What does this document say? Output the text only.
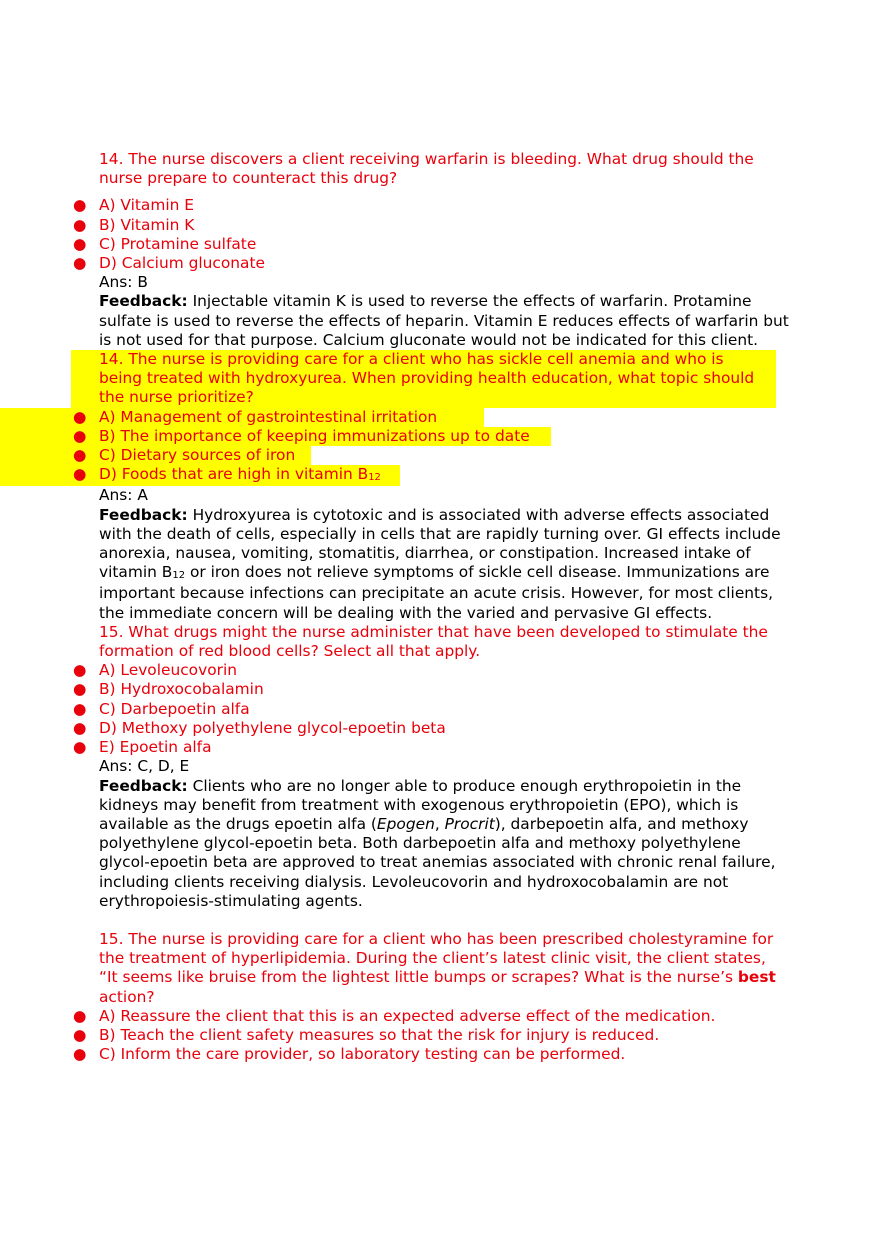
14. The nurse discovers a client receiving warfarin is bleeding. What drug should the nurse prepare to counteract this drug?

● A) Vitamin E

● B) Vitamin K

● C) Protamine sulfate

● D) Calcium gluconate

Ans: B

Feedback: Injectable vitamin K is used to reverse the effects of warfarin. Protamine sulfate is used to reverse the effects of heparin. Vitamin E reduces effects of warfarin but is not used for that purpose. Calcium gluconate would not be indicated for this client.

14. The nurse is providing care for a client who has sickle cell anemia and who is being treated with hydroxyurea. When providing health education, what topic should the nurse prioritize?

● A) Management of gastrointestinal irritation

● B) The importance of keeping immunizations up to date

● C) Dietary sources of iron

● D) Foods that are high in vitamin B12

Ans: A

Feedback: Hydroxyurea is cytotoxic and is associated with adverse effects associated with the death of cells, especially in cells that are rapidly turning over. GI effects include anorexia, nausea, vomiting, stomatitis, diarrhea, or constipation. Increased intake of vitamin B12 or iron does not relieve symptoms of sickle cell disease. Immunizations are important because infections can precipitate an acute crisis. However, for most clients, the immediate concern will be dealing with the varied and pervasive GI effects.

15. What drugs might the nurse administer that have been developed to stimulate the formation of red blood cells? Select all that apply.

● A) Levoleucovorin

● B) Hydroxocobalamin

● C) Darbepoetin alfa

● D) Methoxy polyethylene glycol-epoetin beta

● E) Epoetin alfa

Ans: C, D, E

Feedback: Clients who are no longer able to produce enough erythropoietin in the kidneys may benefit from treatment with exogenous erythropoietin (EPO), which is available as the drugs epoetin alfa (Epogen, Procrit), darbepoetin alfa, and methoxy polyethylene glycol-epoetin beta. Both darbepoetin alfa and methoxy polyethylene glycol-epoetin beta are approved to treat anemias associated with chronic renal failure, including clients receiving dialysis. Levoleucovorin and hydroxocobalamin are not erythropoiesis-stimulating agents.

15. The nurse is providing care for a client who has been prescribed cholestyramine for the treatment of hyperlipidemia. During the client’s latest clinic visit, the client states, “It seems like bruise from the lightest little bumps or scrapes? What is the nurse’s best action?

● A) Reassure the client that this is an expected adverse effect of the medication.

● B) Teach the client safety measures so that the risk for injury is reduced.

● C) Inform the care provider, so laboratory testing can be performed.
